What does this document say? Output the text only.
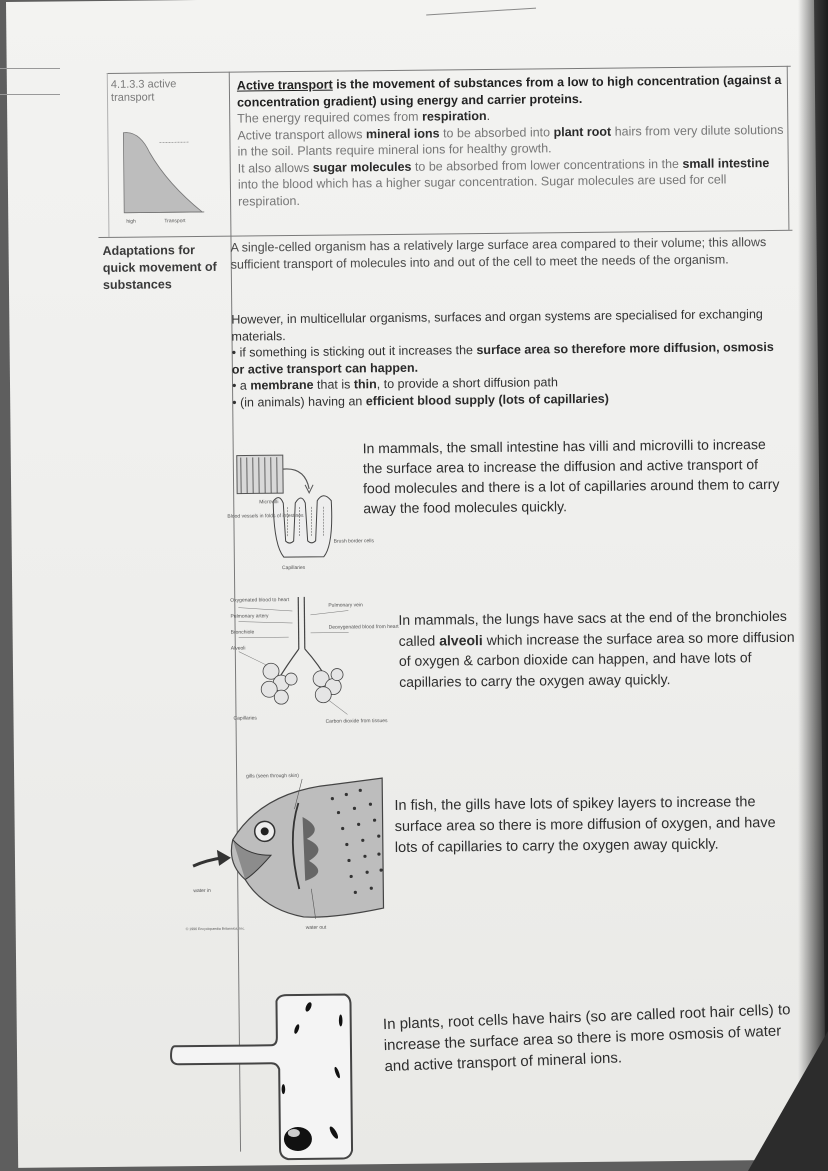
4.1.3.3 active transport
high	Transport
Active transport is the movement of substances from a low to high concentration (against a concentration gradient) using energy and carrier proteins.
The energy required comes from respiration.
Active transport allows mineral ions to be absorbed into plant root hairs from very dilute solutions in the soil. Plants require mineral ions for healthy growth.
It also allows sugar molecules to be absorbed from lower concentrations in the small intestine into the blood which has a higher sugar concentration. Sugar molecules are used for cell respiration.
Adaptations for quick movement of substances
A single-celled organism has a relatively large surface area compared to their volume; this allows sufficient transport of molecules into and out of the cell to meet the needs of the organism.
However, in multicellular organisms, surfaces and organ systems are specialised for exchanging materials.
• if something is sticking out it increases the surface area so therefore more diffusion, osmosis or active transport can happen.
• a membrane that is thin, to provide a short diffusion path
• (in animals) having an efficient blood supply (lots of capillaries)
Microvilli
Blood vessels in folds of intestines
Capillaries
Brush border cells
In mammals, the small intestine has villi and microvilli to increase the surface area to increase the diffusion and active transport of food molecules and there is a lot of capillaries around them to carry away the food molecules quickly.
Oxygenated blood to heart
Pulmonary artery
Pulmonary vein
Bronchiole
Alveoli
Deoxygenated blood from heart
Capillaries	Carbon dioxide from tissues
In mammals, the lungs have sacs at the end of the bronchioles called alveoli which increase the surface area so more diffusion of oxygen & carbon dioxide can happen, and have lots of capillaries to carry the oxygen away quickly.
gills (seen through skin)
water in
water out
© 1996 Encyclopaedia Britannica, Inc.
In fish, the gills have lots of spikey layers to increase the surface area so there is more diffusion of oxygen, and have lots of capillaries to carry the oxygen away quickly.
In plants, root cells have hairs (so are called root hair cells) to increase the surface area so there is more osmosis of water and active transport of mineral ions.
